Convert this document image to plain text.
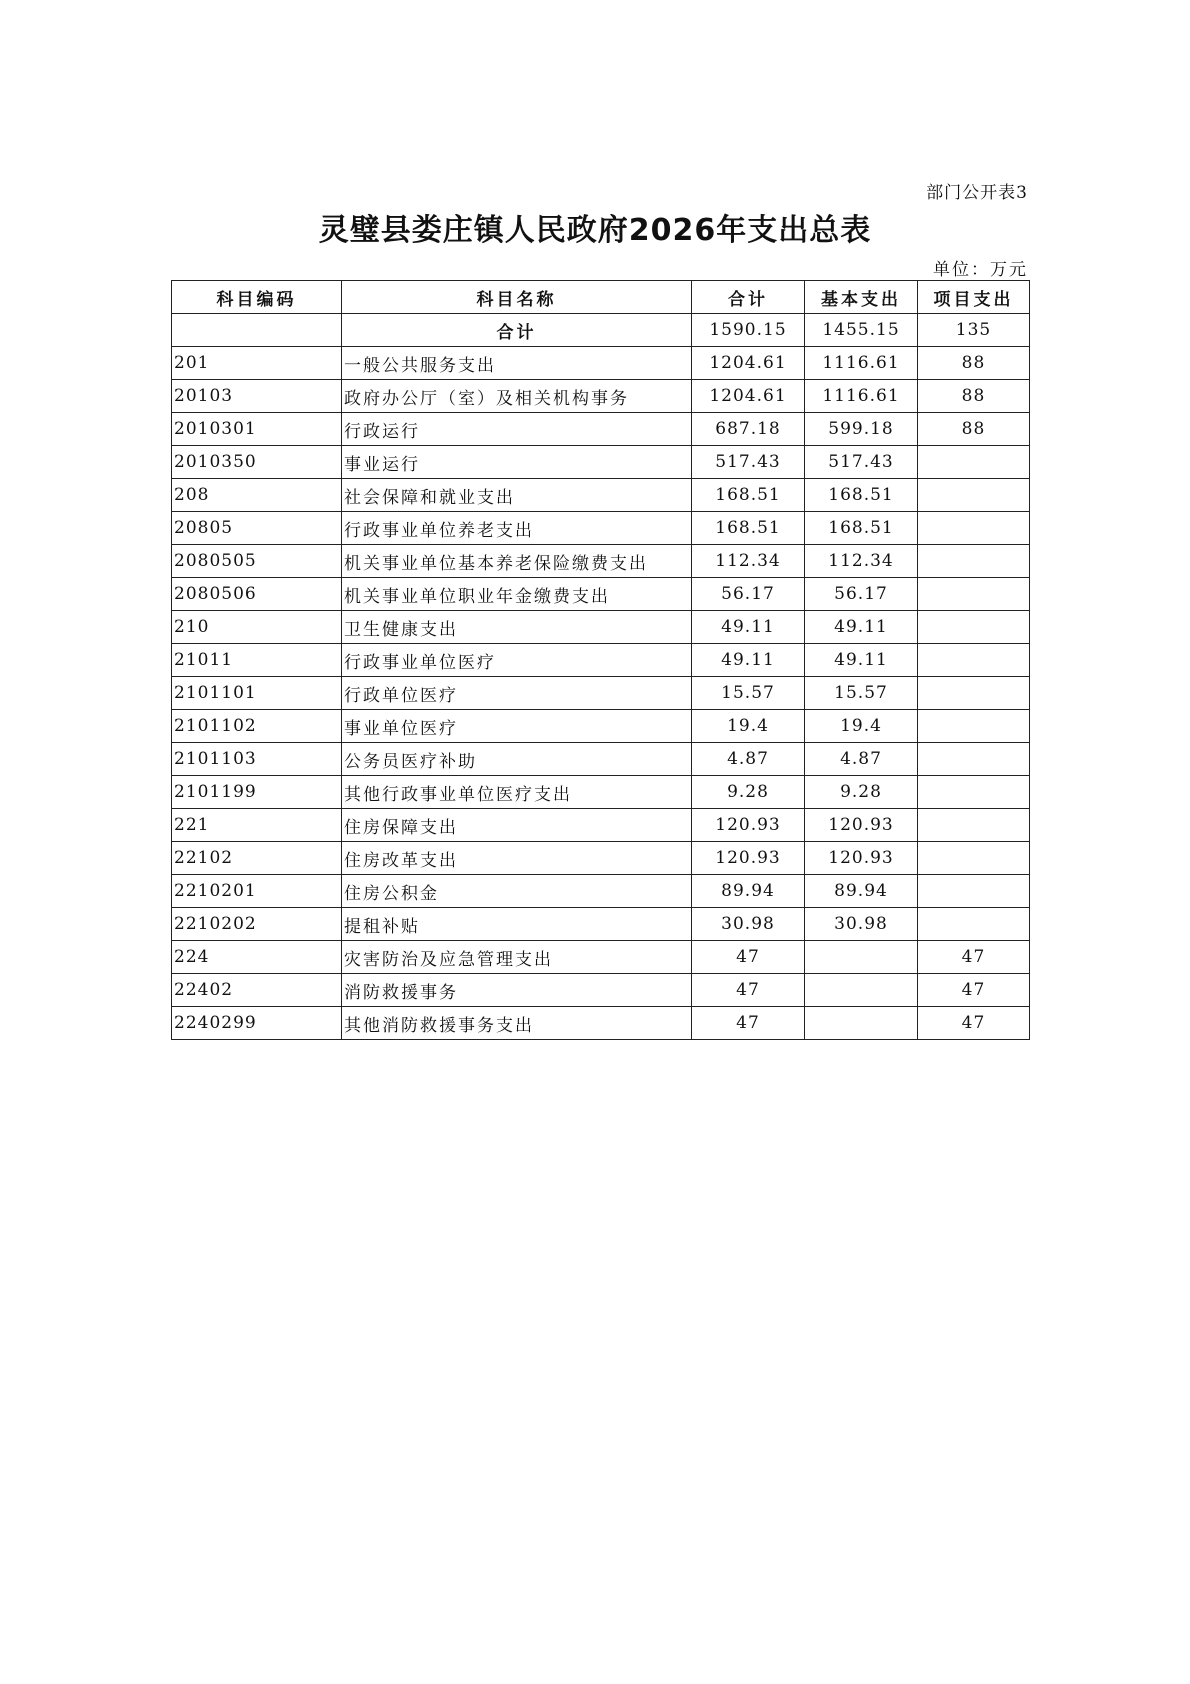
部门公开表3
灵璧县娄庄镇人民政府2026年支出总表
单位：万元
科目编码	科目名称	合计	基本支出	项目支出
	合计	1590.15	1455.15	135
201	一般公共服务支出	1204.61	1116.61	88
20103	政府办公厅（室）及相关机构事务	1204.61	1116.61	88
2010301	行政运行	687.18	599.18	88
2010350	事业运行	517.43	517.43	
208	社会保障和就业支出	168.51	168.51	
20805	行政事业单位养老支出	168.51	168.51	
2080505	机关事业单位基本养老保险缴费支出	112.34	112.34	
2080506	机关事业单位职业年金缴费支出	56.17	56.17	
210	卫生健康支出	49.11	49.11	
21011	行政事业单位医疗	49.11	49.11	
2101101	行政单位医疗	15.57	15.57	
2101102	事业单位医疗	19.4	19.4	
2101103	公务员医疗补助	4.87	4.87	
2101199	其他行政事业单位医疗支出	9.28	9.28	
221	住房保障支出	120.93	120.93	
22102	住房改革支出	120.93	120.93	
2210201	住房公积金	89.94	89.94	
2210202	提租补贴	30.98	30.98	
224	灾害防治及应急管理支出	47		47
22402	消防救援事务	47		47
2240299	其他消防救援事务支出	47		47
